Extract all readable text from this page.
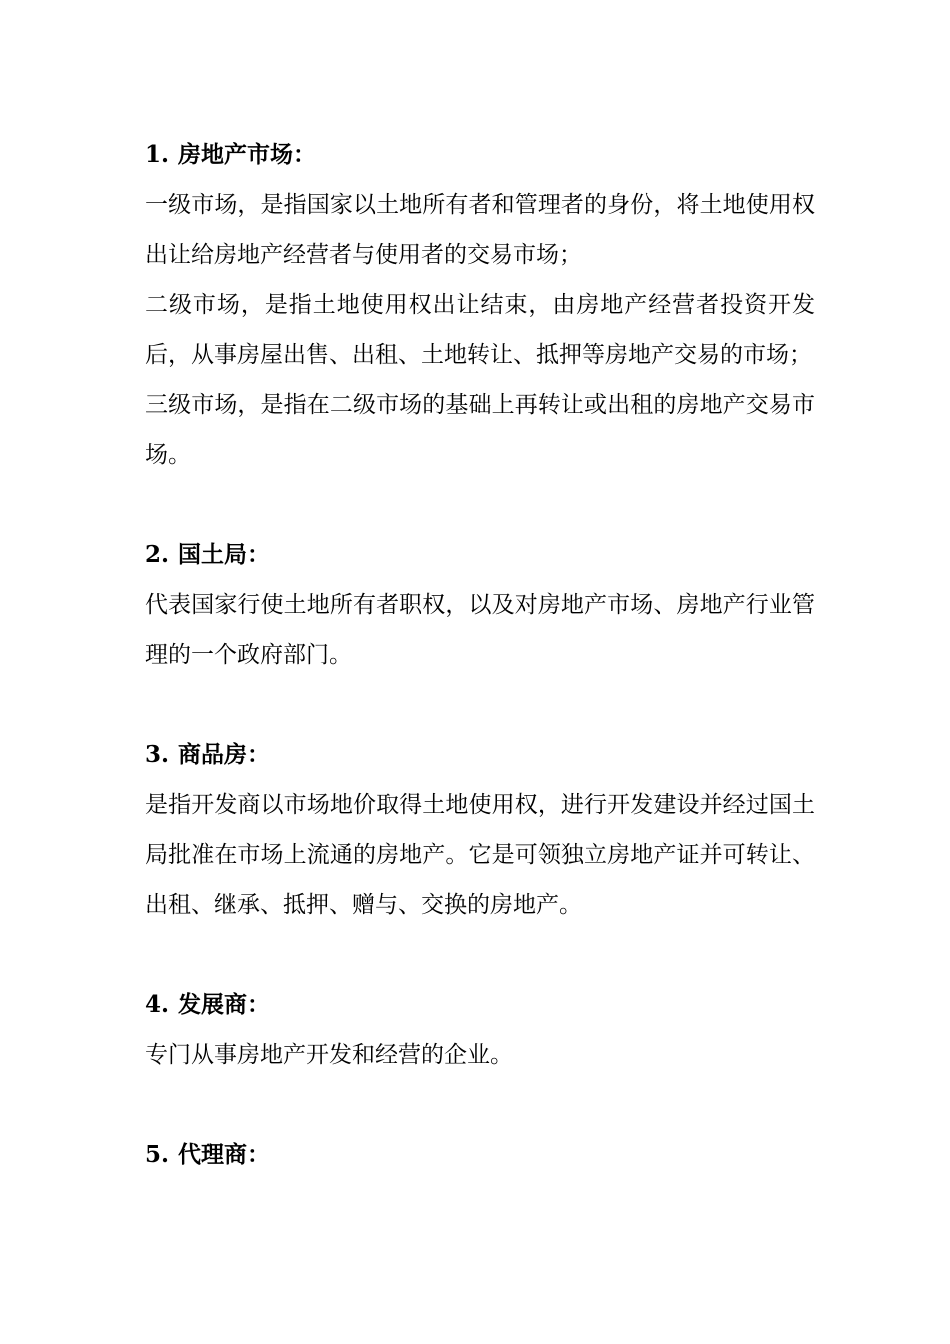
1. 房地产市场：

一级市场，是指国家以土地所有者和管理者的身份，将土地使用权出让给房地产经营者与使用者的交易市场；

二级市场，是指土地使用权出让结束，由房地产经营者投资开发后，从事房屋出售、出租、土地转让、抵押等房地产交易的市场；

三级市场，是指在二级市场的基础上再转让或出租的房地产交易市场。

2. 国土局：

代表国家行使土地所有者职权，以及对房地产市场、房地产行业管理的一个政府部门。

3. 商品房：

是指开发商以市场地价取得土地使用权，进行开发建设并经过国土局批准在市场上流通的房地产。它是可领独立房地产证并可转让、出租、继承、抵押、赠与、交换的房地产。

4. 发展商：

专门从事房地产开发和经营的企业。

5. 代理商：
